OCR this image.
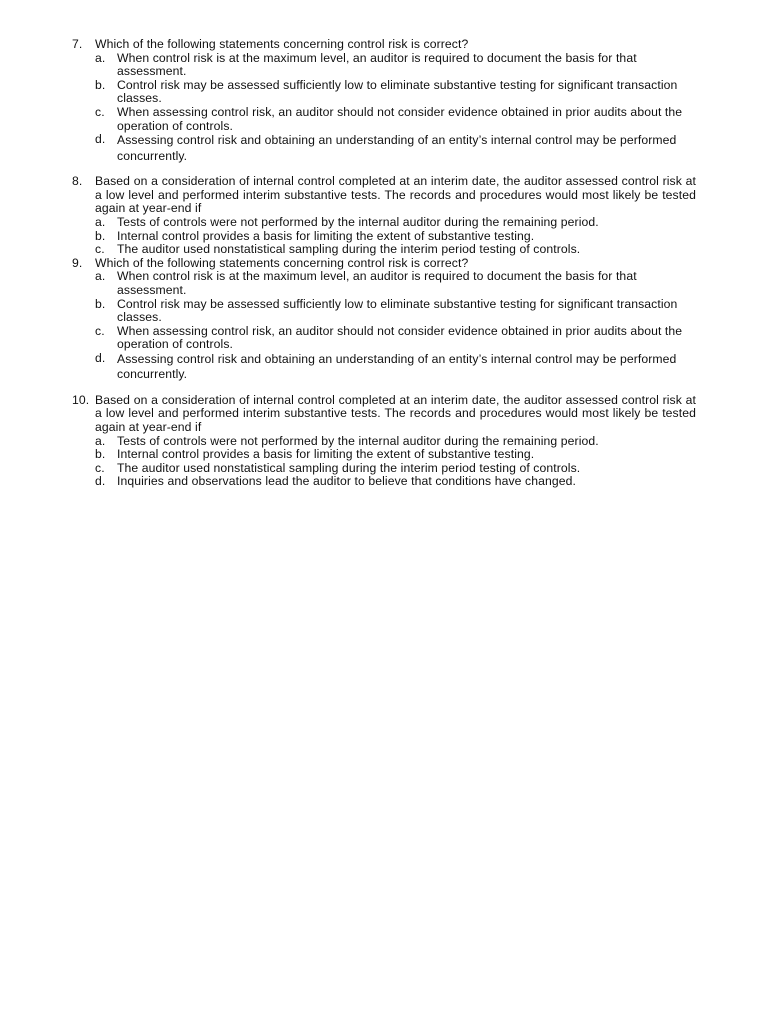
7.	Which of the following statements concerning control risk is correct?
a. When control risk is at the maximum level, an auditor is required to document the basis for that assessment.
b. Control risk may be assessed sufficiently low to eliminate substantive testing for significant transaction classes.
c.	When assessing control risk, an auditor should not consider evidence obtained in prior audits about the operation of controls.
d. Assessing control risk and obtaining an understanding of an entity’s internal control may be performed concurrently.
8.	Based on a consideration of internal control completed at an interim date, the auditor assessed control risk at a low level and performed interim substantive tests. The records and procedures would most likely be tested again at year-end if
a. Tests of controls were not performed by the internal auditor during the remaining period.
b. Internal control provides a basis for limiting the extent of substantive testing.
c.	The auditor used nonstatistical sampling during the interim period testing of controls.
9.	Which of the following statements concerning control risk is correct?
a. When control risk is at the maximum level, an auditor is required to document the basis for that assessment.
b. Control risk may be assessed sufficiently low to eliminate substantive testing for significant transaction classes.
c.	When assessing control risk, an auditor should not consider evidence obtained in prior audits about the operation of controls.
d. Assessing control risk and obtaining an understanding of an entity’s internal control may be performed concurrently.
10. Based on a consideration of internal control completed at an interim date, the auditor assessed control risk at a low level and performed interim substantive tests. The records and procedures would most likely be tested again at year-end if
a. Tests of controls were not performed by the internal auditor during the remaining period.
b. Internal control provides a basis for limiting the extent of substantive testing.
c.	The auditor used nonstatistical sampling during the interim period testing of controls.
d. Inquiries and observations lead the auditor to believe that conditions have changed.
